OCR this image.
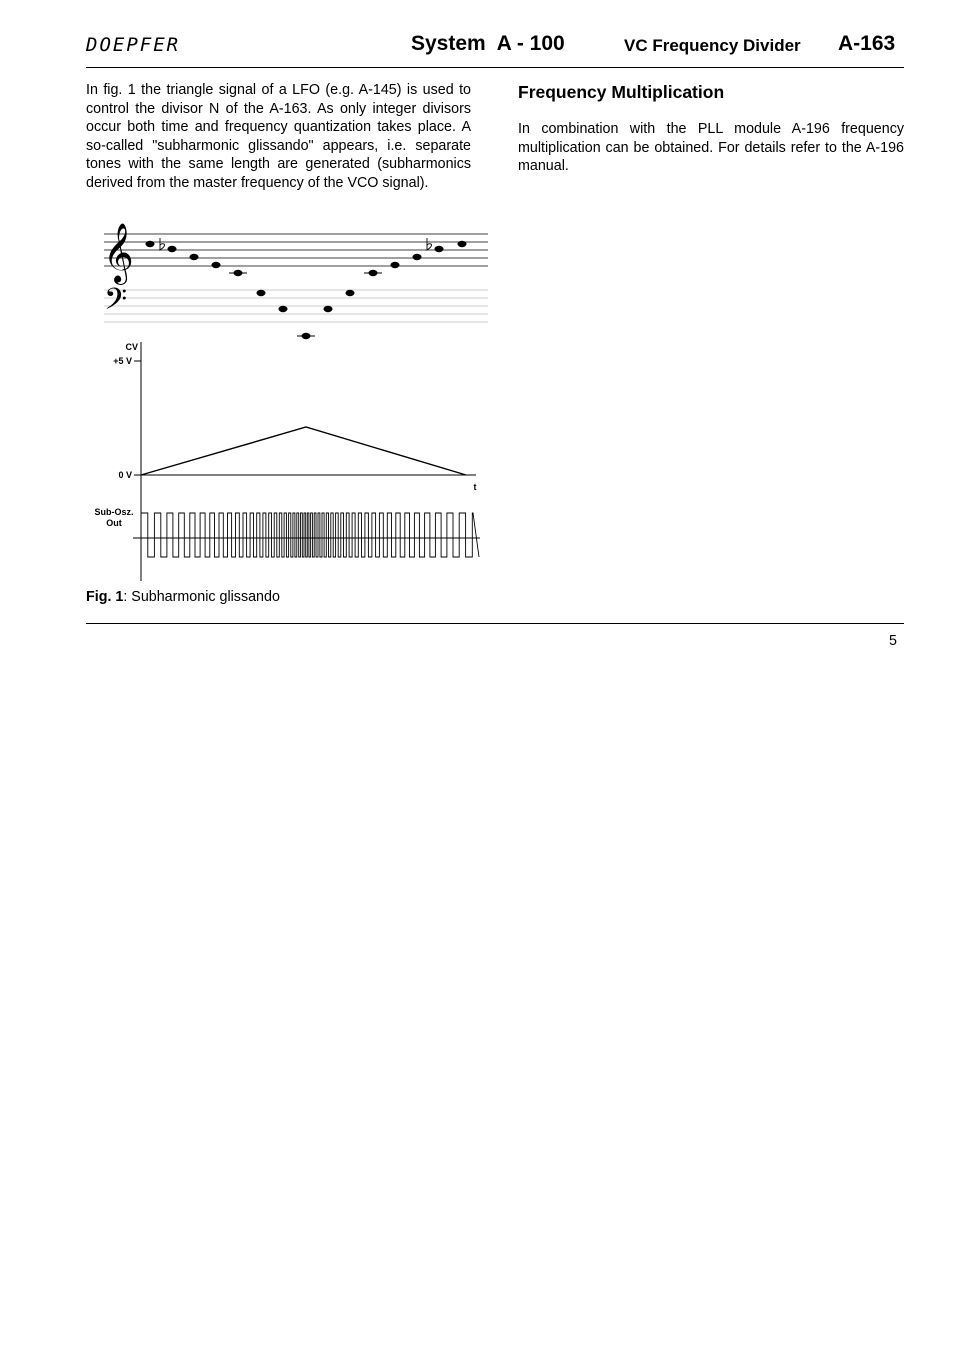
DOEPFER	System  A - 100	VC Frequency Divider A-163
In fig. 1 the triangle signal of a LFO (e.g. A-145) is used to control the divisor N of the A-163. As only integer divisors occur both time and frequency quantization takes place. A so-called "subharmonic glissando" appears, i.e. separate tones with the same length are generated (subharmonics derived from the master frequency of the VCO signal).
Frequency Multiplication
In combination with the PLL module A-196 frequency multiplication can be obtained. For details refer to the A-196 manual.
𝄞
𝄢
CV
+5 V
0 V
t
Sub-Osz.
Out
Fig. 1: Subharmonic glissando
5
